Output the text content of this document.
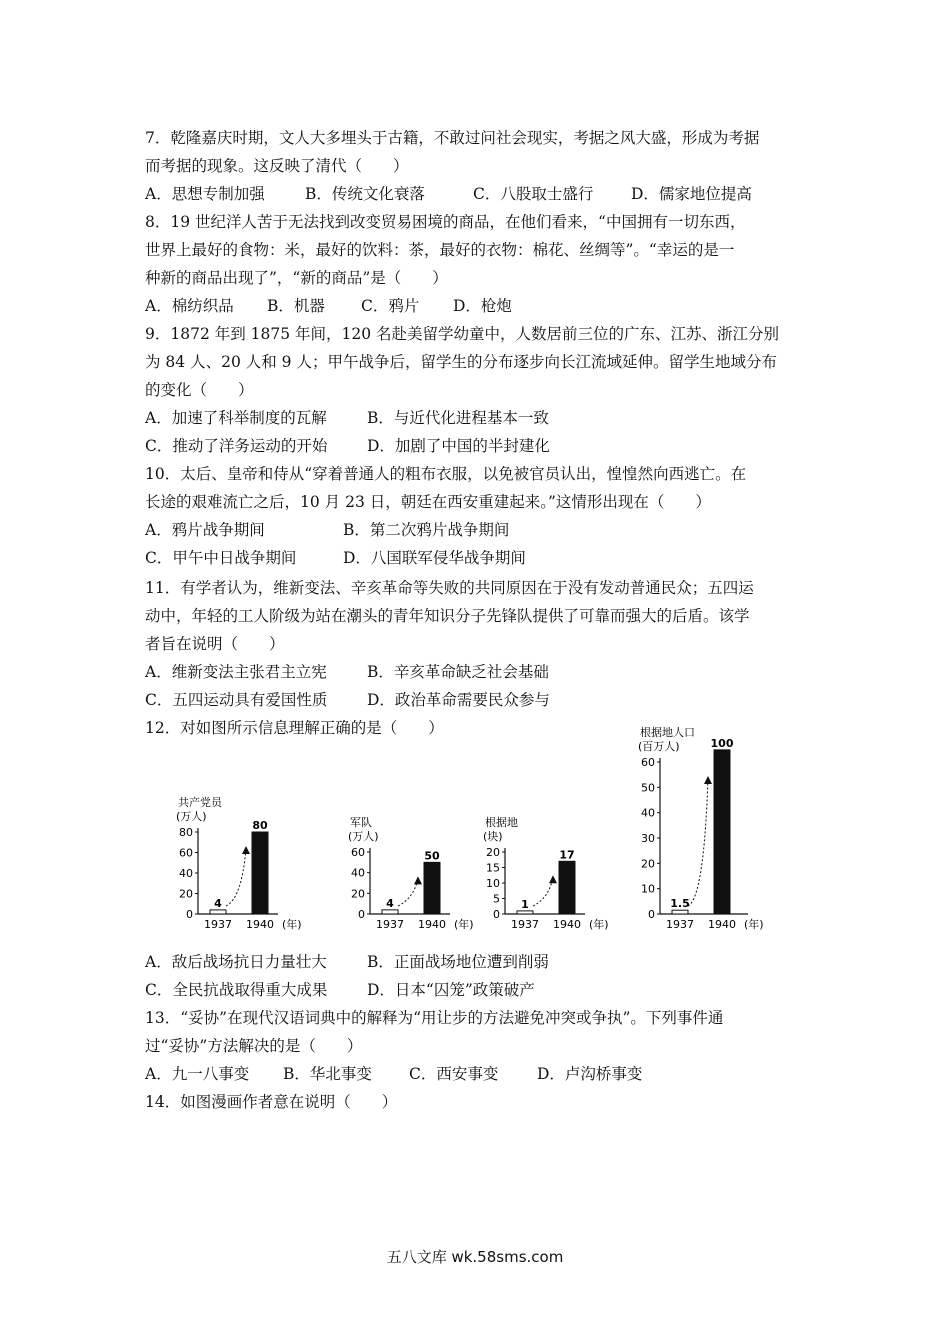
7．乾隆嘉庆时期，文人大多埋头于古籍，不敢过问社会现实，考据之风大盛，形成为考据
而考据的现象。这反映了清代（　　）
A．思想专制加强	B．传统文化衰落	C．八股取士盛行 D．儒家地位提高
8．19 世纪洋人苦于无法找到改变贸易困境的商品，在他们看来，“中国拥有一切东西，
世界上最好的食物：米，最好的饮料：茶，最好的衣物：棉花、丝绸等”。“幸运的是一
种新的商品出现了”，“新的商品”是（　　）
A．棉纺织品 B．机器 C．鸦片 D．枪炮
9．1872 年到 1875 年间，120 名赴美留学幼童中，人数居前三位的广东、江苏、浙江分别
为 84 人、20 人和 9 人；甲午战争后，留学生的分布逐步向长江流域延伸。留学生地域分布
的变化（　　）
A．加速了科举制度的瓦解	B．与近代化进程基本一致
C．推动了洋务运动的开始	D．加剧了中国的半封建化
10．太后、皇帝和侍从“穿着普通人的粗布衣服，以免被官员认出，惶惶然向西逃亡。在
长途的艰难流亡之后，10 月 23 日，朝廷在西安重建起来。”这情形出现在（　　）
A．鸦片战争期间	B．第二次鸦片战争期间
C．甲午中日战争期间	D．八国联军侵华战争期间
11．有学者认为，维新变法、辛亥革命等失败的共同原因在于没有发动普通民众；五四运
动中，年轻的工人阶级为站在潮头的青年知识分子先锋队提供了可靠而强大的后盾。该学
者旨在说明（　　）
A．维新变法主张君主立宪	B．辛亥革命缺乏社会基础
C．五四运动具有爱国性质	D．政治革命需要民众参与
12．对如图所示信息理解正确的是（　　）
共产党员
(万人)
0
20
40
60
80
4
1937
80
1940 (年)
军队
(万人)
0
20
40
60
4
1937
50
1940 (年)
根据地
(块)
0
5
10
15
20
1
1937
17
1940 (年)
根据地人口
(百万人)
0
10
20
30
40
50
60
1.5
1937
100
1940 (年)
A．敌后战场抗日力量壮大	B．正面战场地位遭到削弱
C．全民抗战取得重大成果	D．日本“囚笼”政策破产
13．“妥协”在现代汉语词典中的解释为“用让步的方法避免冲突或争执”。下列事件通
过“妥协”方法解决的是（　　）
A．九一八事变 B．华北事变 C．西安事变 D．卢沟桥事变
14．如图漫画作者意在说明（　　）
五八文库 wk.58sms.com
